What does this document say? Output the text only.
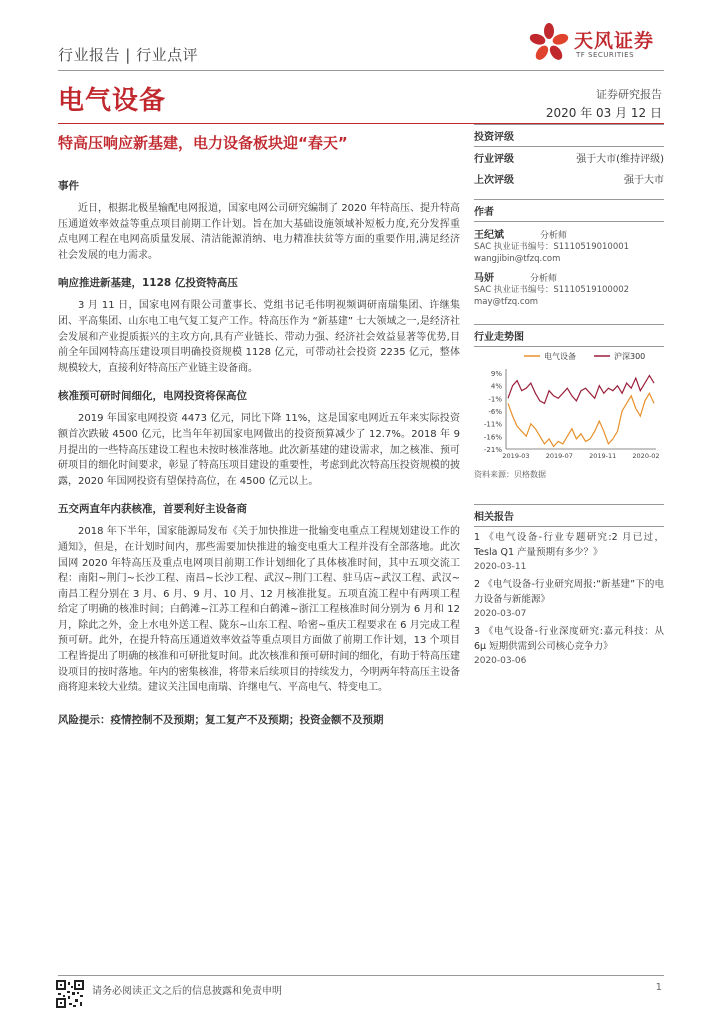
行业报告 | 行业点评
天风证券
TF SECURITIES
电气设备	证券研究报告
2020 年 03 月 12 日
特高压响应新基建，电力设备板块迎“春天”
事件

近日，根据北极星输配电网报道，国家电网公司研究编制了 2020 年特高压、提升特高压通道效率效益等重点项目前期工作计划。旨在加大基础设施领域补短板力度,充分发挥重点电网工程在电网高质量发展、清洁能源消纳、电力精准扶贫等方面的重要作用,满足经济社会发展的电力需求。

响应推进新基建，1128 亿投资特高压

3 月 11 日，国家电网有限公司董事长、党组书记毛伟明视频调研南瑞集团、许继集团、平高集团、山东电工电气复工复产工作。特高压作为 “新基建” 七大领域之一,是经济社会发展和产业提质振兴的主攻方向,具有产业链长、带动力强、经济社会效益显著等优势,目前全年国网特高压建设项目明确投资规模 1128 亿元，可带动社会投资 2235 亿元，整体规模较大，直接利好特高压产业链主设备商。

核准预可研时间细化，电网投资将保高位

2019 年国家电网投资 4473 亿元，同比下降 11%，这是国家电网近五年来实际投资额首次跌破 4500 亿元，比当年年初国家电网做出的投资预算减少了 12.7%。2018 年 9 月提出的一些特高压建设工程也未按时核准落地。此次新基建的建设需求，加之核准、预可研项目的细化时间要求，彰显了特高压项目建设的重要性，考虑到此次特高压投资规模的披露，2020 年国网投资有望保持高位，在 4500 亿元以上。

五交两直年内获核准，首要利好主设备商

2018 年下半年，国家能源局发布《关于加快推进一批输变电重点工程规划建设工作的通知》，但是，在计划时间内，那些需要加快推进的输变电重大工程并没有全部落地。此次国网 2020 年特高压及重点电网项目前期工作计划细化了具体核准时间，其中五项交流工程：南阳~荆门~长沙工程、南昌~长沙工程、武汉~荆门工程、驻马店~武汉工程、武汉~南昌工程分别在 3 月、6 月、9 月、10 月、12 月核准批复。五项直流工程中有两项工程给定了明确的核准时间；白鹤滩~江苏工程和白鹤滩~浙江工程核准时间分别为 6 月和 12 月，除此之外，金上水电外送工程、陇东~山东工程、哈密~重庆工程要求在 6 月完成工程预可研。此外，在提升特高压通道效率效益等重点项目方面做了前期工作计划，13 个项目工程皆提出了明确的核准和可研批复时间。此次核准和预可研时间的细化，有助于特高压建设项目的按时落地。年内的密集核准，将带来后续项目的持续发力，今明两年特高压主设备商将迎来较大业绩。建议关注国电南瑞、许继电气、平高电气、特变电工。

风险提示：疫情控制不及预期；复工复产不及预期；投资金额不及预期
投资评级
行业评级	强于大市(维持评级)
上次评级	强于大市
作者
王纪斌	分析师
SAC 执业证书编号：S1110519010001
wangjibin@tfzq.com
马妍	分析师
SAC 执业证书编号：S1110519100002
may@tfzq.com
行业走势图
电气设备	沪深300
9%
4%
-1%
-6%
-11%
-16%
-21%
2019-03 2019-07 2019-11 2020-02
资料来源：贝格数据
相关报告
1 《电气设备-行业专题研究:2 月已过，Tesla Q1 产量预期有多少？》
2020-03-11
2 《电气设备-行业研究周报:“新基建”下的电力设备与新能源》
2020-03-07
3 《电气设备-行业深度研究:嘉元科技：从 6μ 短期供需到公司核心竞争力》
2020-03-06
请务必阅读正文之后的信息披露和免责申明	1
